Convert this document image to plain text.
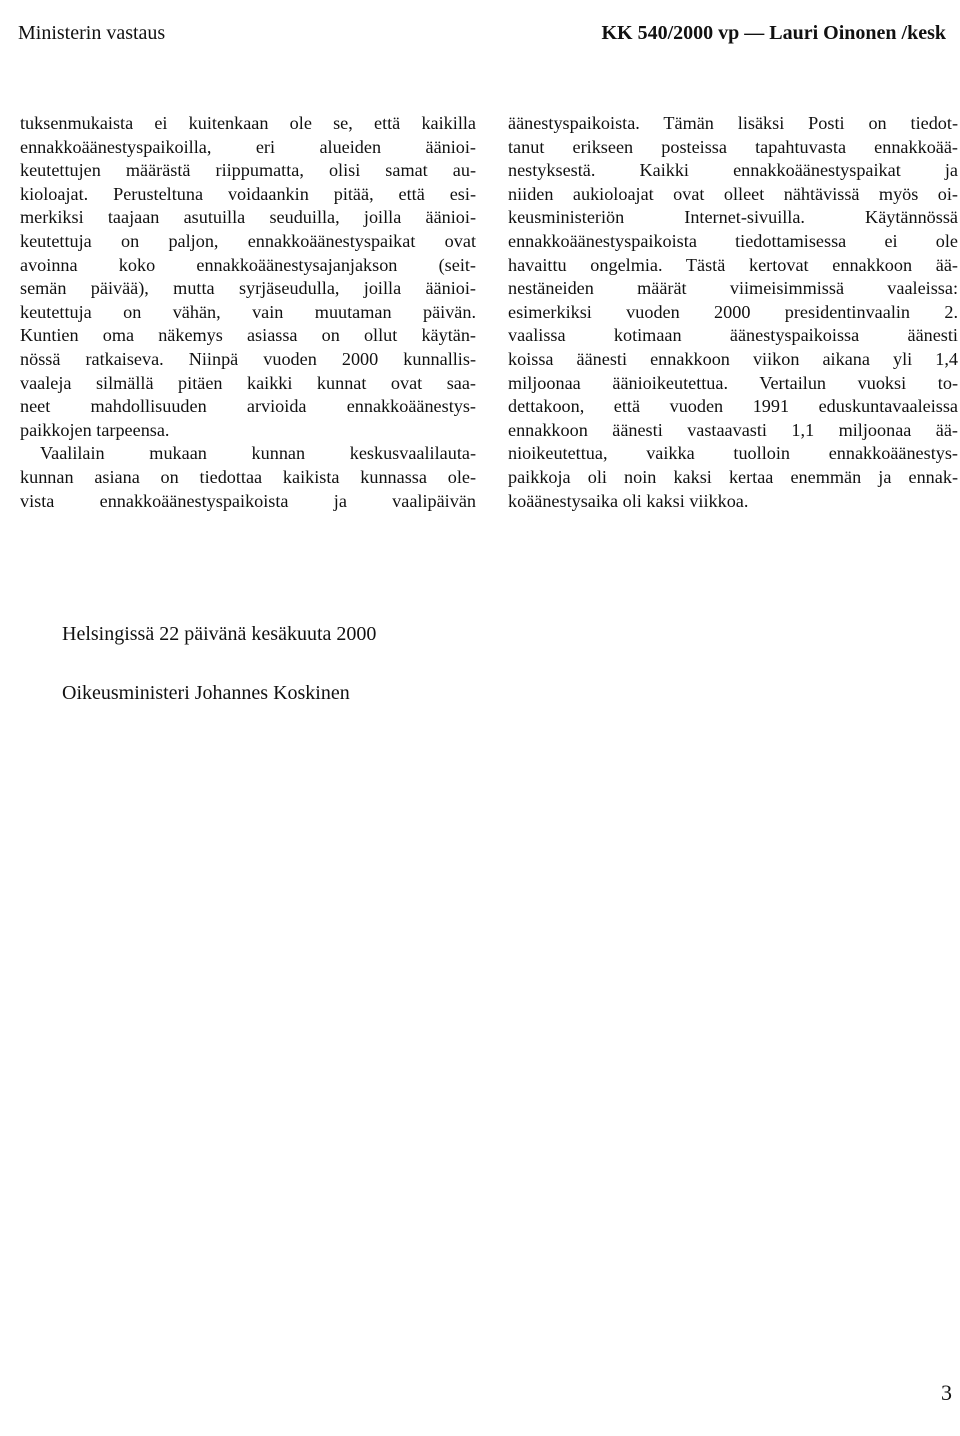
Ministerin vastaus	KK 540/2000 vp — Lauri Oinonen /kesk
tuksenmukaista ei kuitenkaan ole se, että kaikilla
ennakkoäänestyspaikoilla, eri alueiden äänioi-
keutettujen määrästä riippumatta, olisi samat au-
kioloajat. Perusteltuna voidaankin pitää, että esi-
merkiksi taajaan asutuilla seuduilla, joilla äänioi-
keutettuja on paljon, ennakkoäänestyspaikat ovat
avoinna koko ennakkoäänestysajanjakson (seit-
semän päivää), mutta syrjäseudulla, joilla äänioi-
keutettuja on vähän, vain muutaman päivän.
Kuntien oma näkemys asiassa on ollut käytän-
nössä ratkaiseva. Niinpä vuoden 2000 kunnallis-
vaaleja silmällä pitäen kaikki kunnat ovat saa-
neet mahdollisuuden arvioida ennakkoäänestys-
paikkojen tarpeensa.
Vaalilain mukaan kunnan keskusvaalilauta-
kunnan asiana on tiedottaa kaikista kunnassa ole-
vista ennakkoäänestyspaikoista ja vaalipäivän
äänestyspaikoista. Tämän lisäksi Posti on tiedot-
tanut erikseen posteissa tapahtuvasta ennakkoää-
nestyksestä. Kaikki ennakkoäänestyspaikat ja
niiden aukioloajat ovat olleet nähtävissä myös oi-
keusministeriön Internet-sivuilla. Käytännössä
ennakkoäänestyspaikoista tiedottamisessa ei ole
havaittu ongelmia. Tästä kertovat ennakkoon ää-
nestäneiden määrät viimeisimmissä vaaleissa:
esimerkiksi vuoden 2000 presidentinvaalin 2.
vaalissa kotimaan äänestyspaikoissa äänesti
koissa äänesti ennakkoon viikon aikana yli 1,4
miljoonaa äänioikeutettua. Vertailun vuoksi to-
dettakoon, että vuoden 1991 eduskuntavaaleissa
ennakkoon äänesti vastaavasti 1,1 miljoonaa ää-
nioikeutettua, vaikka tuolloin ennakkoäänestys-
paikkoja oli noin kaksi kertaa enemmän ja ennak-
koäänestysaika oli kaksi viikkoa.
Helsingissä 22 päivänä kesäkuuta 2000
Oikeusministeri Johannes Koskinen
3
